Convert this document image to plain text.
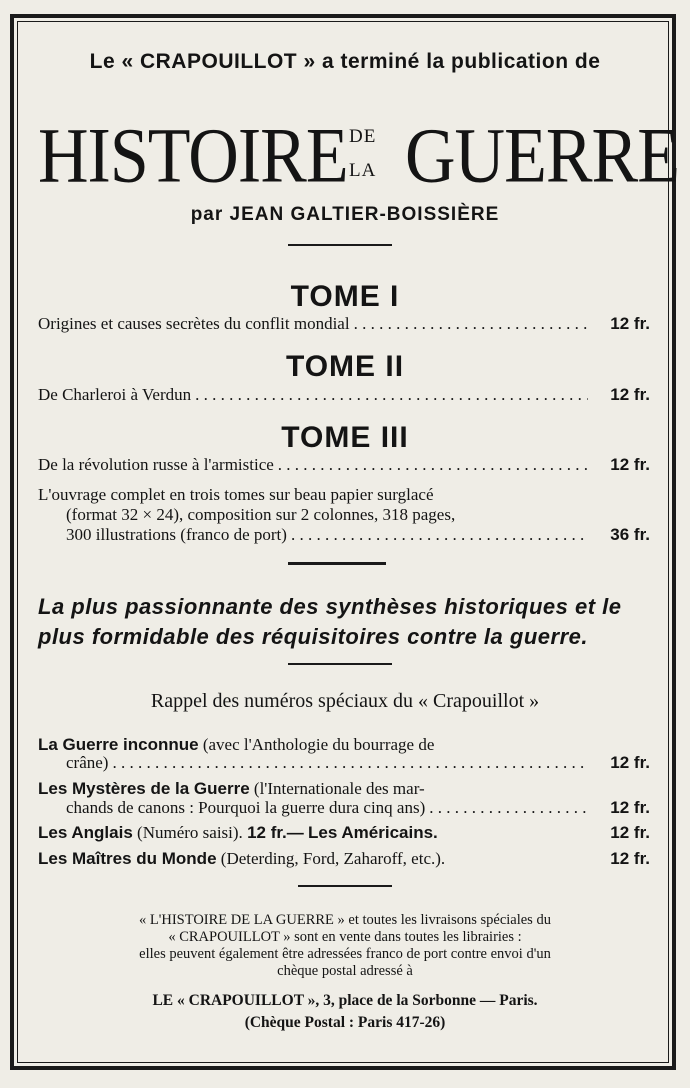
Le « CRAPOUILLOT » a terminé la publication de
HISTOIRE DE
LA GUERRE
par JEAN GALTIER-BOISSIÈRE
TOME I
Origines et causes secrètes du conflit mondial . . .	12 fr.
TOME II
De Charleroi à Verdun . . .	12 fr.
TOME III
De la révolution russe à l'armistice . . .	12 fr.
L'ouvrage complet en trois tomes sur beau papier surglacé
(format 32 × 24), composition sur 2 colonnes, 318 pages,
300 illustrations (franco de port) . . .	36 fr.
La plus passionnante des synthèses historiques et le
plus formidable des réquisitoires contre la guerre.
Rappel des numéros spéciaux du « Crapouillot »
La Guerre inconnue (avec l'Anthologie du bourrage de
crâne) . . .	12 fr.
Les Mystères de la Guerre (l'Internationale des mar-
chands de canons : Pourquoi la guerre dura cinq ans) . . .	12 fr.
Les Anglais (Numéro saisi). 12 fr.— Les Américains.	12 fr.
Les Maîtres du Monde (Deterding, Ford, Zaharoff, etc.).	12 fr.
« L'HISTOIRE DE LA GUERRE » et toutes les livraisons spéciales du
« CRAPOUILLOT » sont en vente dans toutes les librairies :
elles peuvent également être adressées franco de port contre envoi d'un
chèque postal adressé à
LE « CRAPOUILLOT », 3, place de la Sorbonne — Paris.
(Chèque Postal : Paris 417-26)
